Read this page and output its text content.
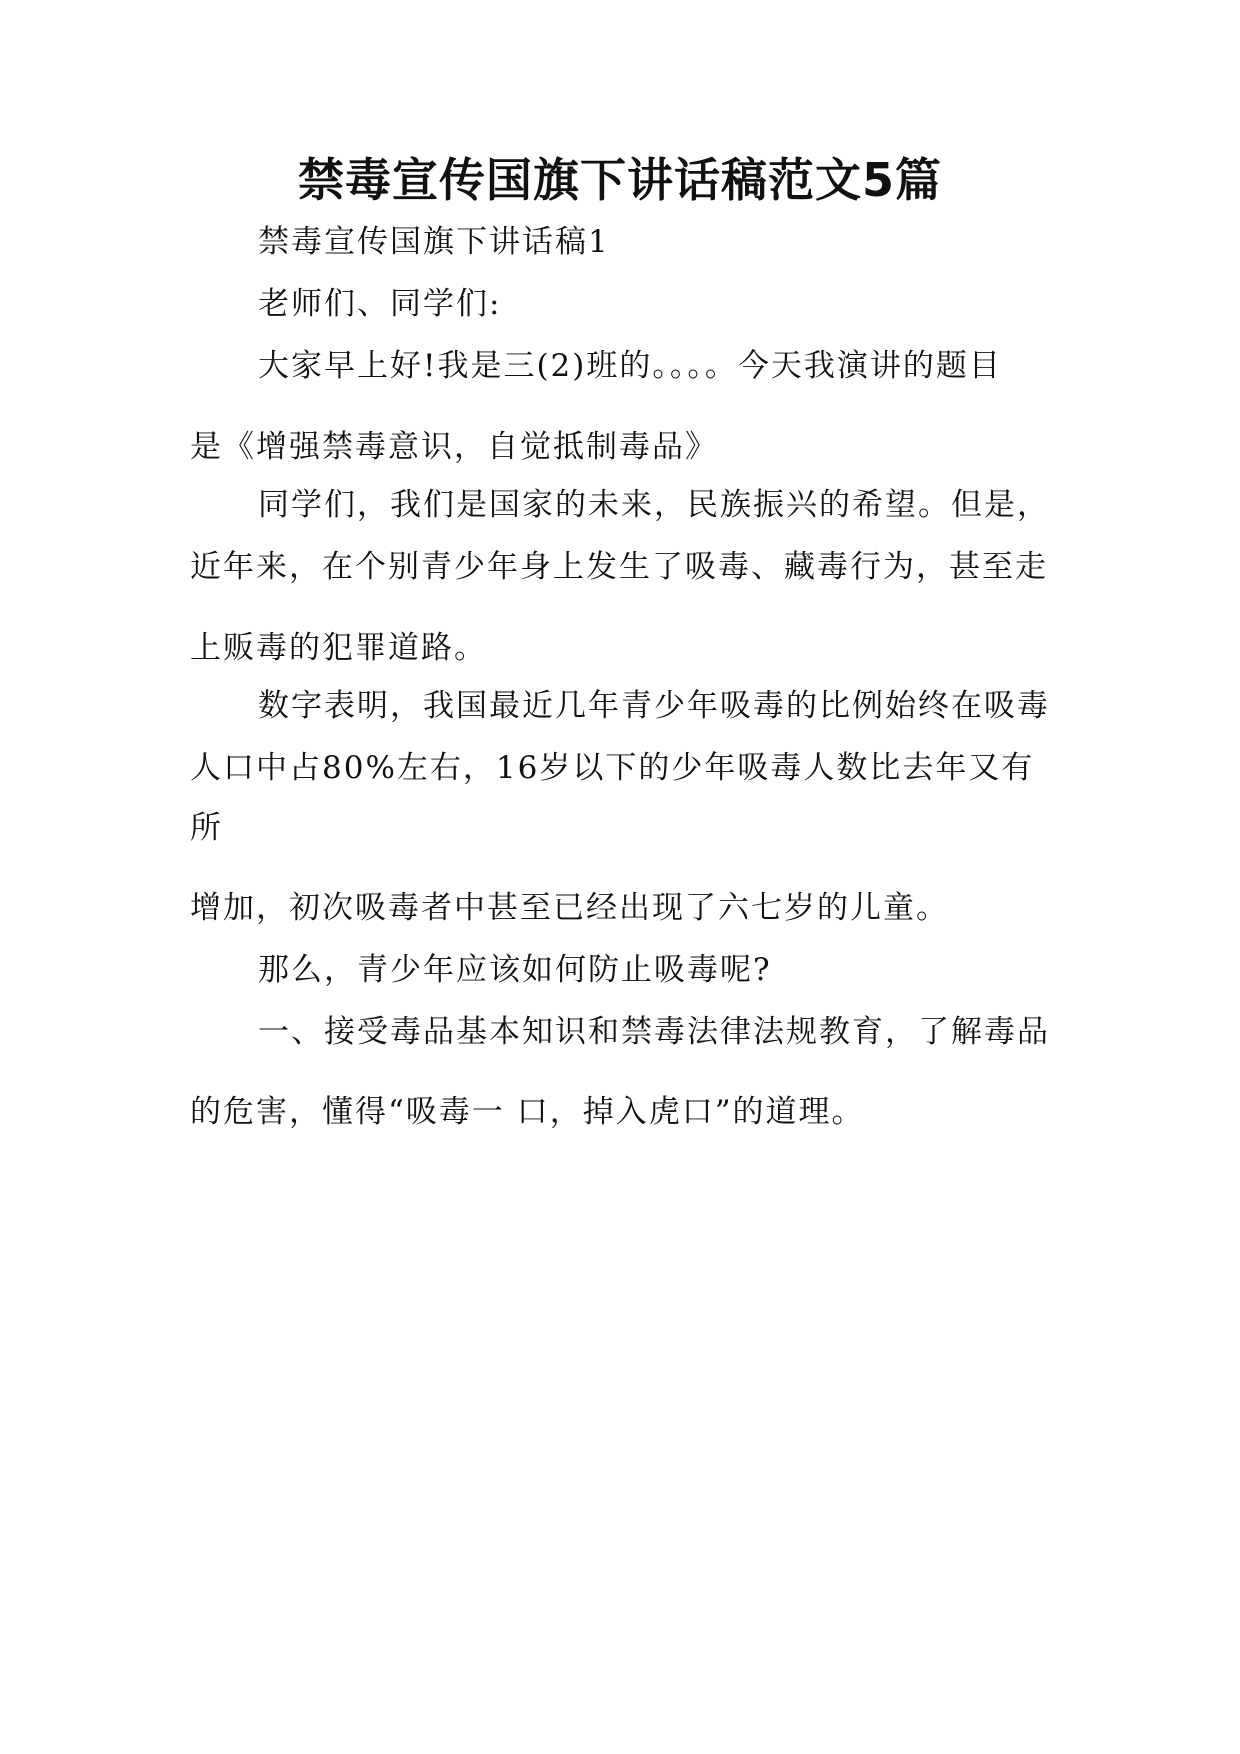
禁毒宣传国旗下讲话稿范文5篇
禁毒宣传国旗下讲话稿1
老师们、同学们:
大家早上好!我是三(2)班的。。。。今天我演讲的题目
是《增强禁毒意识，自觉抵制毒品》
同学们，我们是国家的未来，民族振兴的希望。但是，
近年来，在个别青少年身上发生了吸毒、藏毒行为，甚至走
上贩毒的犯罪道路。
数字表明，我国最近几年青少年吸毒的比例始终在吸毒
人口中占80%左右，16岁以下的少年吸毒人数比去年又有
所
增加，初次吸毒者中甚至已经出现了六七岁的儿童。
那么，青少年应该如何防止吸毒呢?
一、接受毒品基本知识和禁毒法律法规教育，了解毒品
的危害，懂得“吸毒一 口，掉入虎口”的道理。
